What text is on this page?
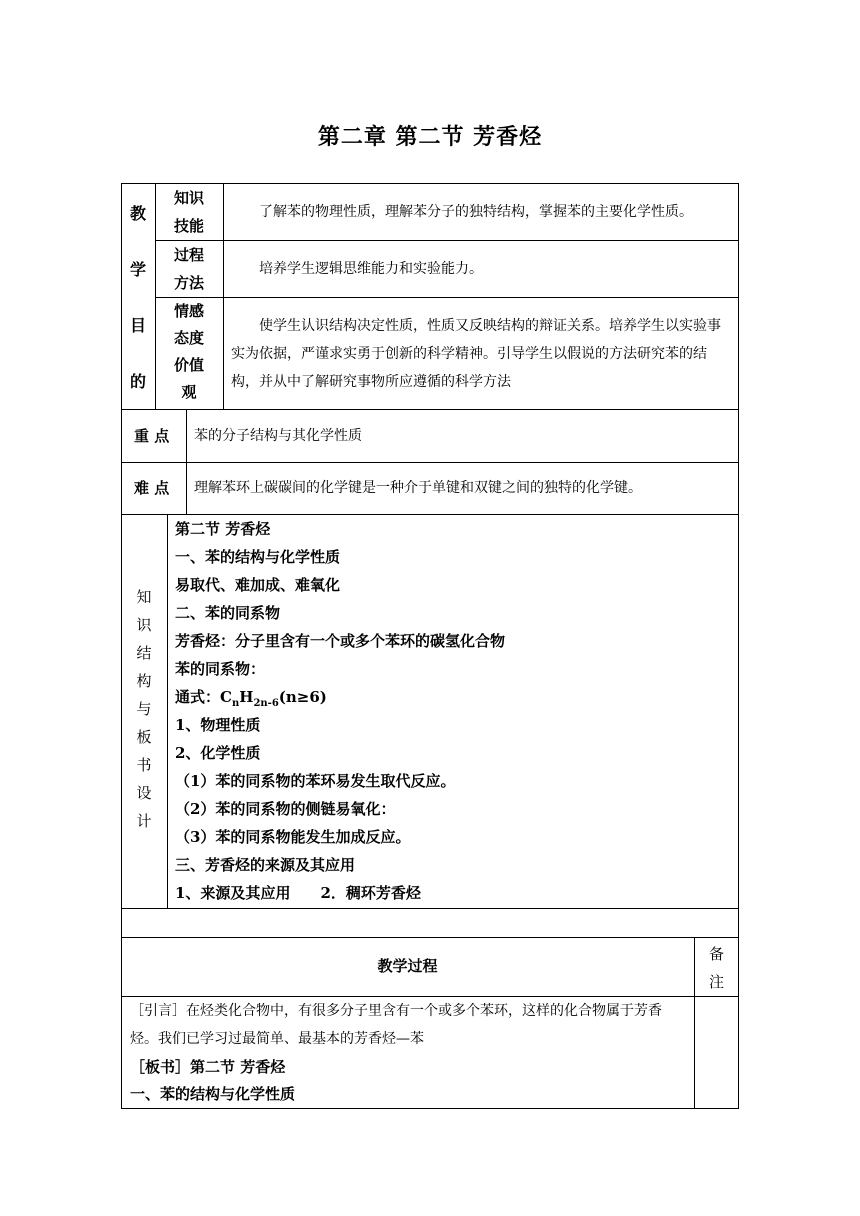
第二章 第二节 芳香烃
教
学
目
的
知识
技能
了解苯的物理性质，理解苯分子的独特结构，掌握苯的主要化学性质。
过程
方法
培养学生逻辑思维能力和实验能力。
情感
态度
价值
观
使学生认识结构决定性质，性质又反映结构的辩证关系。培养学生以实验事实为依据，严谨求实勇于创新的科学精神。引导学生以假说的方法研究苯的结构，并从中了解研究事物所应遵循的科学方法
重 点 苯的分子结构与其化学性质
难 点 理解苯环上碳碳间的化学键是一种介于单键和双键之间的独特的化学键。
知
识
结
构
与
板
书
设
计
第二节 芳香烃
一、苯的结构与化学性质
易取代、难加成、难氧化
二、苯的同系物
芳香烃：分子里含有一个或多个苯环的碳氢化合物
苯的同系物：
通式：$C_nH_{2n-6}(n\ge 6)$
1、物理性质
2、化学性质
（1）苯的同系物的苯环易发生取代反应。
（2）苯的同系物的侧链易氧化：
（3）苯的同系物能发生加成反应。
三、芳香烃的来源及其应用
1、来源及其应用　　2．稠环芳香烃
教学过程
备
注
［引言］在烃类化合物中，有很多分子里含有一个或多个苯环，这样的化合物属于芳香烃。我们已学习过最简单、最基本的芳香烃—苯
［板书］第二节 芳香烃
一、苯的结构与化学性质
